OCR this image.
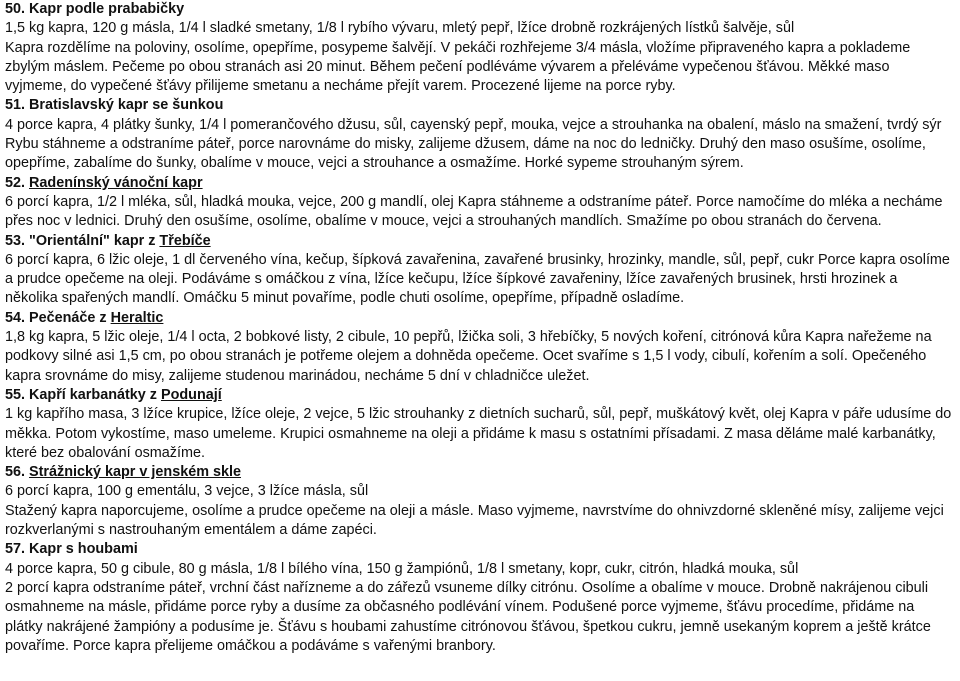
50. Kapr podle prababičky

1,5 kg kapra, 120 g másla, 1/4 l sladké smetany, 1/8 l rybího vývaru, mletý pepř, lžíce drobně rozkrájených lístků šalvěje, sůl

Kapra rozdělíme na poloviny, osolíme, opepříme, posypeme šalvějí. V pekáči rozhřejeme 3/4 másla, vložíme připraveného kapra a poklademe zbylým máslem. Pečeme po obou stranách asi 20 minut. Během pečení podléváme vývarem a přeléváme vypečenou šťávou. Měkké maso vyjmeme, do vypečené šťávy přilijeme smetanu a necháme přejít varem. Procezené lijeme na porce ryby.

51. Bratislavský kapr se šunkou

4 porce kapra, 4 plátky šunky, 1/4 l pomerančového džusu, sůl, cayenský pepř, mouka, vejce a strouhanka na obalení, máslo na smažení, tvrdý sýr

Rybu stáhneme a odstraníme páteř, porce narovnáme do misky, zalijeme džusem, dáme na noc do ledničky. Druhý den maso osušíme, osolíme, opepříme, zabalíme do šunky, obalíme v mouce, vejci a strouhance a osmažíme. Horké sypeme strouhaným sýrem.

52. Radenínský vánoční kapr

6 porcí kapra, 1/2 l mléka, sůl, hladká mouka, vejce, 200 g mandlí, olej Kapra stáhneme a odstraníme páteř. Porce namočíme do mléka a necháme přes noc v lednici. Druhý den osušíme, osolíme, obalíme v mouce, vejci a strouhaných mandlích. Smažíme po obou stranách do červena.

53. "Orientální" kapr z Třebíče

6 porcí kapra, 6 lžic oleje, 1 dl červeného vína, kečup, šípková zavařenina, zavařené brusinky, hrozinky, mandle, sůl, pepř, cukr Porce kapra osolíme a prudce opečeme na oleji. Podáváme s omáčkou z vína, lžíce kečupu, lžíce šípkové zavařeniny, lžíce zavařených brusinek, hrsti hrozinek a několika spařených mandlí. Omáčku 5 minut povaříme, podle chuti osolíme, opepříme, případně osladíme.

54. Pečenáče z Heraltic

1,8 kg kapra, 5 lžic oleje, 1/4 l octa, 2 bobkové listy, 2 cibule, 10 pepřů, lžička soli, 3 hřebíčky, 5 nových koření, citrónová kůra Kapra nařežeme na podkovy silné asi 1,5 cm, po obou stranách je potřeme olejem a dohněda opečeme. Ocet svaříme s 1,5 l vody, cibulí, kořením a solí. Opečeného kapra srovnáme do misy, zalijeme studenou marinádou, necháme 5 dní v chladničce uležet.

55. Kapří karbanátky z Podunají

1 kg kapřího masa, 3 lžíce krupice, lžíce oleje, 2 vejce, 5 lžic strouhanky z dietních sucharů, sůl, pepř, muškátový květ, olej Kapra v páře udusíme do měkka. Potom vykostíme, maso umeleme. Krupici osmahneme na oleji a přidáme k masu s ostatními přísadami. Z masa děláme malé karbanátky, které bez obalování osmažíme.

56. Strážnický kapr v jenském skle

6 porcí kapra, 100 g ementálu, 3 vejce, 3 lžíce másla, sůl

Stažený kapra naporcujeme, osolíme a prudce opečeme na oleji a másle. Maso vyjmeme, navrstvíme do ohnivzdorné skleněné mísy, zalijeme vejci rozkverlanými s nastrouhaným ementálem a dáme zapéci.

57. Kapr s houbami

4 porce kapra, 50 g cibule, 80 g másla, 1/8 l bílého vína, 150 g žampiónů, 1/8 l smetany, kopr, cukr, citrón, hladká mouka, sůl

2 porcí kapra odstraníme páteř, vrchní část nařízneme a do zářezů vsuneme dílky citrónu. Osolíme a obalíme v mouce. Drobně nakrájenou cibuli osmahneme na másle, přidáme porce ryby a dusíme za občasného podlévání vínem. Podušené porce vyjmeme, šťávu procedíme, přidáme na plátky nakrájené žampióny a podusíme je. Šťávu s houbami zahustíme citrónovou šťávou, špetkou cukru, jemně usekaným koprem a ještě krátce povaříme. Porce kapra přelijeme omáčkou a podáváme s vařenými branbory.
